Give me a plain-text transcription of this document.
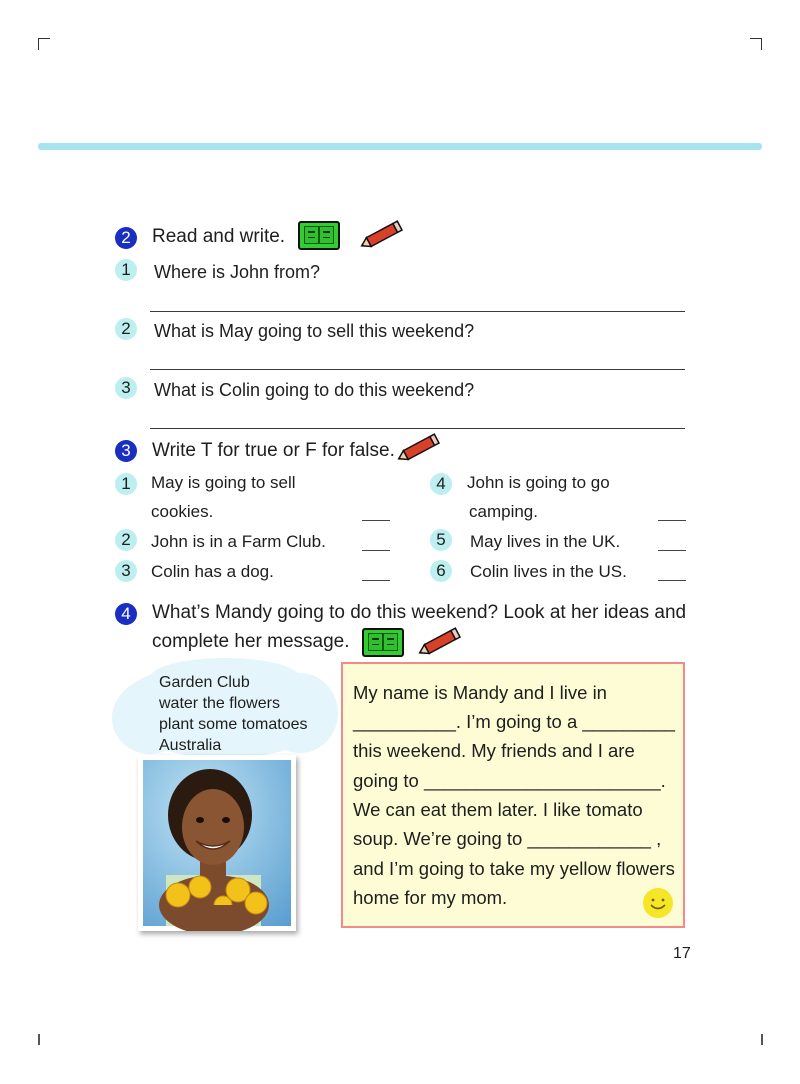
2	Read and write.
1	Where is John from?
2	What is May going to sell this weekend?
3	What is Colin going to do this weekend?
3	Write T for true or F for false.
1	May is going to sell
cookies.
2	John is in a Farm Club.
3	Colin has a dog.
4	John is going to go
camping.
5	May lives in the UK.
6	Colin lives in the US.
4	What’s Mandy going to do this weekend? Look at her ideas and
complete her message.
Garden Club
water the flowers
plant some tomatoes
Australia
My name is Mandy and I live in
__________. I’m going to a _________
this weekend. My friends and I are
going to _______________________.
We can eat them later. I like tomato
soup. We’re going to ____________ ,
and I’m going to take my yellow flowers
home for my mom.
17
